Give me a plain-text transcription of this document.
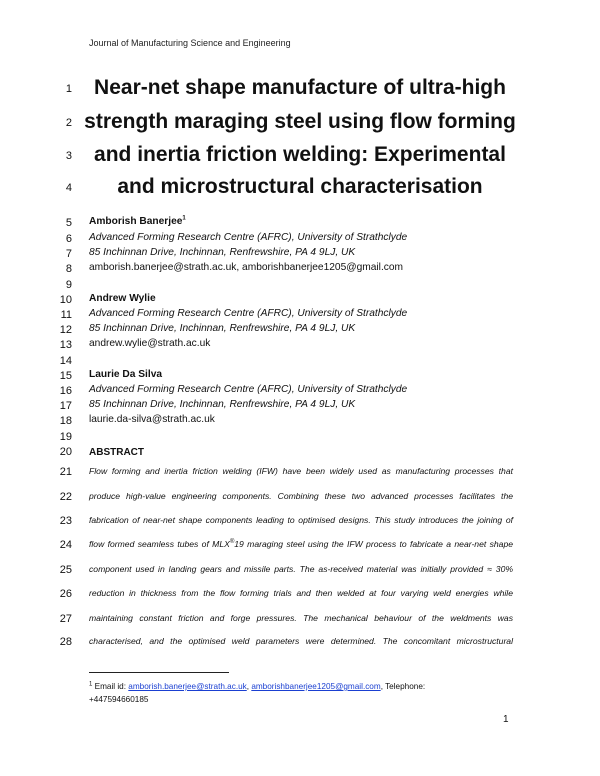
Journal of Manufacturing Science and Engineering
1
2
3
4
5
6
7
8
9
10
11
12
13
14
15
16
17
18
19
20
21
22
23
24
25
26
27
28
Near-net shape manufacture of ultra-high
strength maraging steel using flow forming
and inertia friction welding: Experimental
and microstructural characterisation
Amborish Banerjee$^1$
Advanced Forming Research Centre (AFRC), University of Strathclyde
85 Inchinnan Drive, Inchinnan, Renfrewshire, PA 4 9LJ, UK
amborish.banerjee@strath.ac.uk, amborishbanerjee1205@gmail.com
Andrew Wylie
Advanced Forming Research Centre (AFRC), University of Strathclyde
85 Inchinnan Drive, Inchinnan, Renfrewshire, PA 4 9LJ, UK
andrew.wylie@strath.ac.uk
Laurie Da Silva
Advanced Forming Research Centre (AFRC), University of Strathclyde
85 Inchinnan Drive, Inchinnan, Renfrewshire, PA 4 9LJ, UK
laurie.da-silva@strath.ac.uk
ABSTRACT
Flow forming and inertia friction welding (IFW) have been widely used as manufacturing processes that
produce high-value engineering components. Combining these two advanced processes facilitates the
fabrication of near-net shape components leading to optimised designs. This study introduces the joining of
flow formed seamless tubes of MLX®19 maraging steel using the IFW process to fabricate a near-net shape
component used in landing gears and missile parts. The as-received material was initially provided ≈ 30%
reduction in thickness from the flow forming trials and then welded at four varying weld energies while
maintaining constant friction and forge pressures. The mechanical behaviour of the weldments was
characterised, and the optimised weld parameters were determined. The concomitant microstructural
$^1$ Email id: amborish.banerjee@strath.ac.uk, amborishbanerjee1205@gmail.com, Telephone:
+447594660185
1
